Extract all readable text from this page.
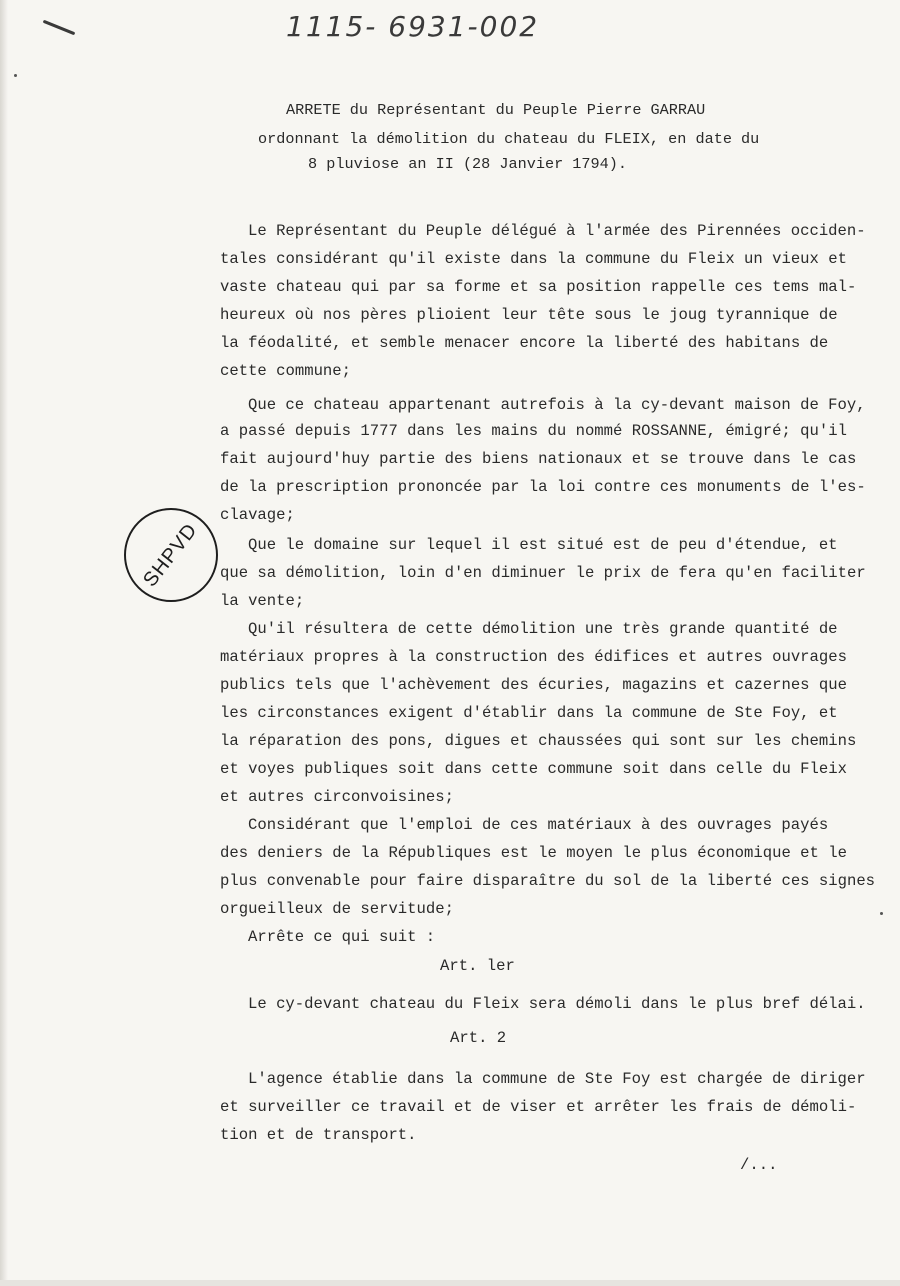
1115- 6931-002
SHPVD
ARRETE du Représentant du Peuple Pierre GARRAU
ordonnant la démolition du chateau du FLEIX, en date du
8 pluviose an II (28 Janvier 1794).
Le Représentant du Peuple délégué à l'armée des Pirennées occiden-
tales considérant qu'il existe dans la commune du Fleix un vieux et
vaste chateau qui par sa forme et sa position rappelle ces tems mal-
heureux où nos pères plioient leur tête sous le joug tyrannique de
la féodalité, et semble menacer encore la liberté des habitans de
cette commune;
Que ce chateau appartenant autrefois à la cy-devant maison de Foy,
a passé depuis 1777 dans les mains du nommé ROSSANNE, émigré; qu'il
fait aujourd'huy partie des biens nationaux et se trouve dans le cas
de la prescription prononcée par la loi contre ces monuments de l'es-
clavage;
Que le domaine sur lequel il est situé est de peu d'étendue, et
que sa démolition, loin d'en diminuer le prix de fera qu'en faciliter
la vente;
Qu'il résultera de cette démolition une très grande quantité de
matériaux propres à la construction des édifices et autres ouvrages
publics tels que l'achèvement des écuries, magazins et cazernes que
les circonstances exigent d'établir dans la commune de Ste Foy, et
la réparation des pons, digues et chaussées qui sont sur les chemins
et voyes publiques soit dans cette commune soit dans celle du Fleix
et autres circonvoisines;
Considérant que l'emploi de ces matériaux à des ouvrages payés
des deniers de la Républiques est le moyen le plus économique et le
plus convenable pour faire disparaître du sol de la liberté ces signes
orgueilleux de servitude;
Arrête ce qui suit :
Art. ler
Le cy-devant chateau du Fleix sera démoli dans le plus bref délai.
Art. 2
L'agence établie dans la commune de Ste Foy est chargée de diriger
et surveiller ce travail et de viser et arrêter les frais de démoli-
tion et de transport.
/...
